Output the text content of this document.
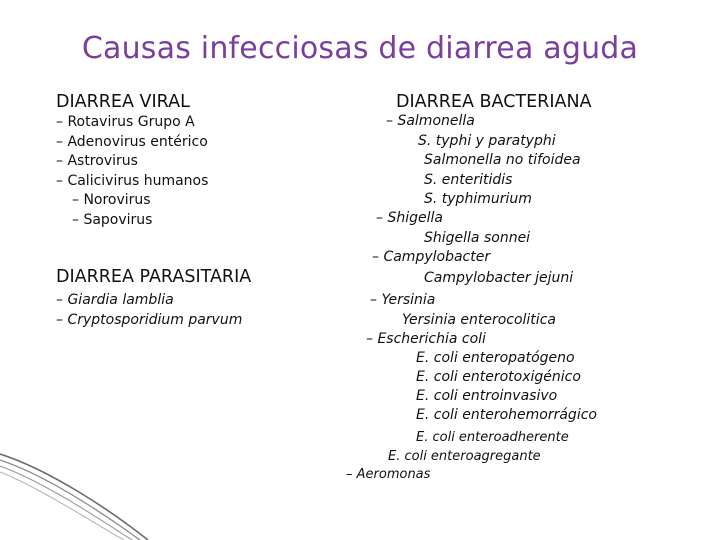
Causas infecciosas de diarrea aguda
DIARREA VIRAL
– Rotavirus Grupo A
– Adenovirus entérico
– Astrovirus
– Calicivirus humanos
– Norovirus
– Sapovirus
DIARREA PARASITARIA
– Giardia lamblia
– Cryptosporidium parvum
DIARREA BACTERIANA
– Salmonella
S. typhi y paratyphi
Salmonella no tifoidea
S. enteritidis
S. typhimurium
– Shigella
Shigella sonnei
– Campylobacter
Campylobacter jejuni
– Yersinia
Yersinia enterocolitica
– Escherichia coli
E. coli enteropatógeno
E. coli enterotoxigénico
E. coli entroinvasivo
E. coli enterohemorrágico
E. coli enteroadherente
E. coli enteroagregante
– Aeromonas
